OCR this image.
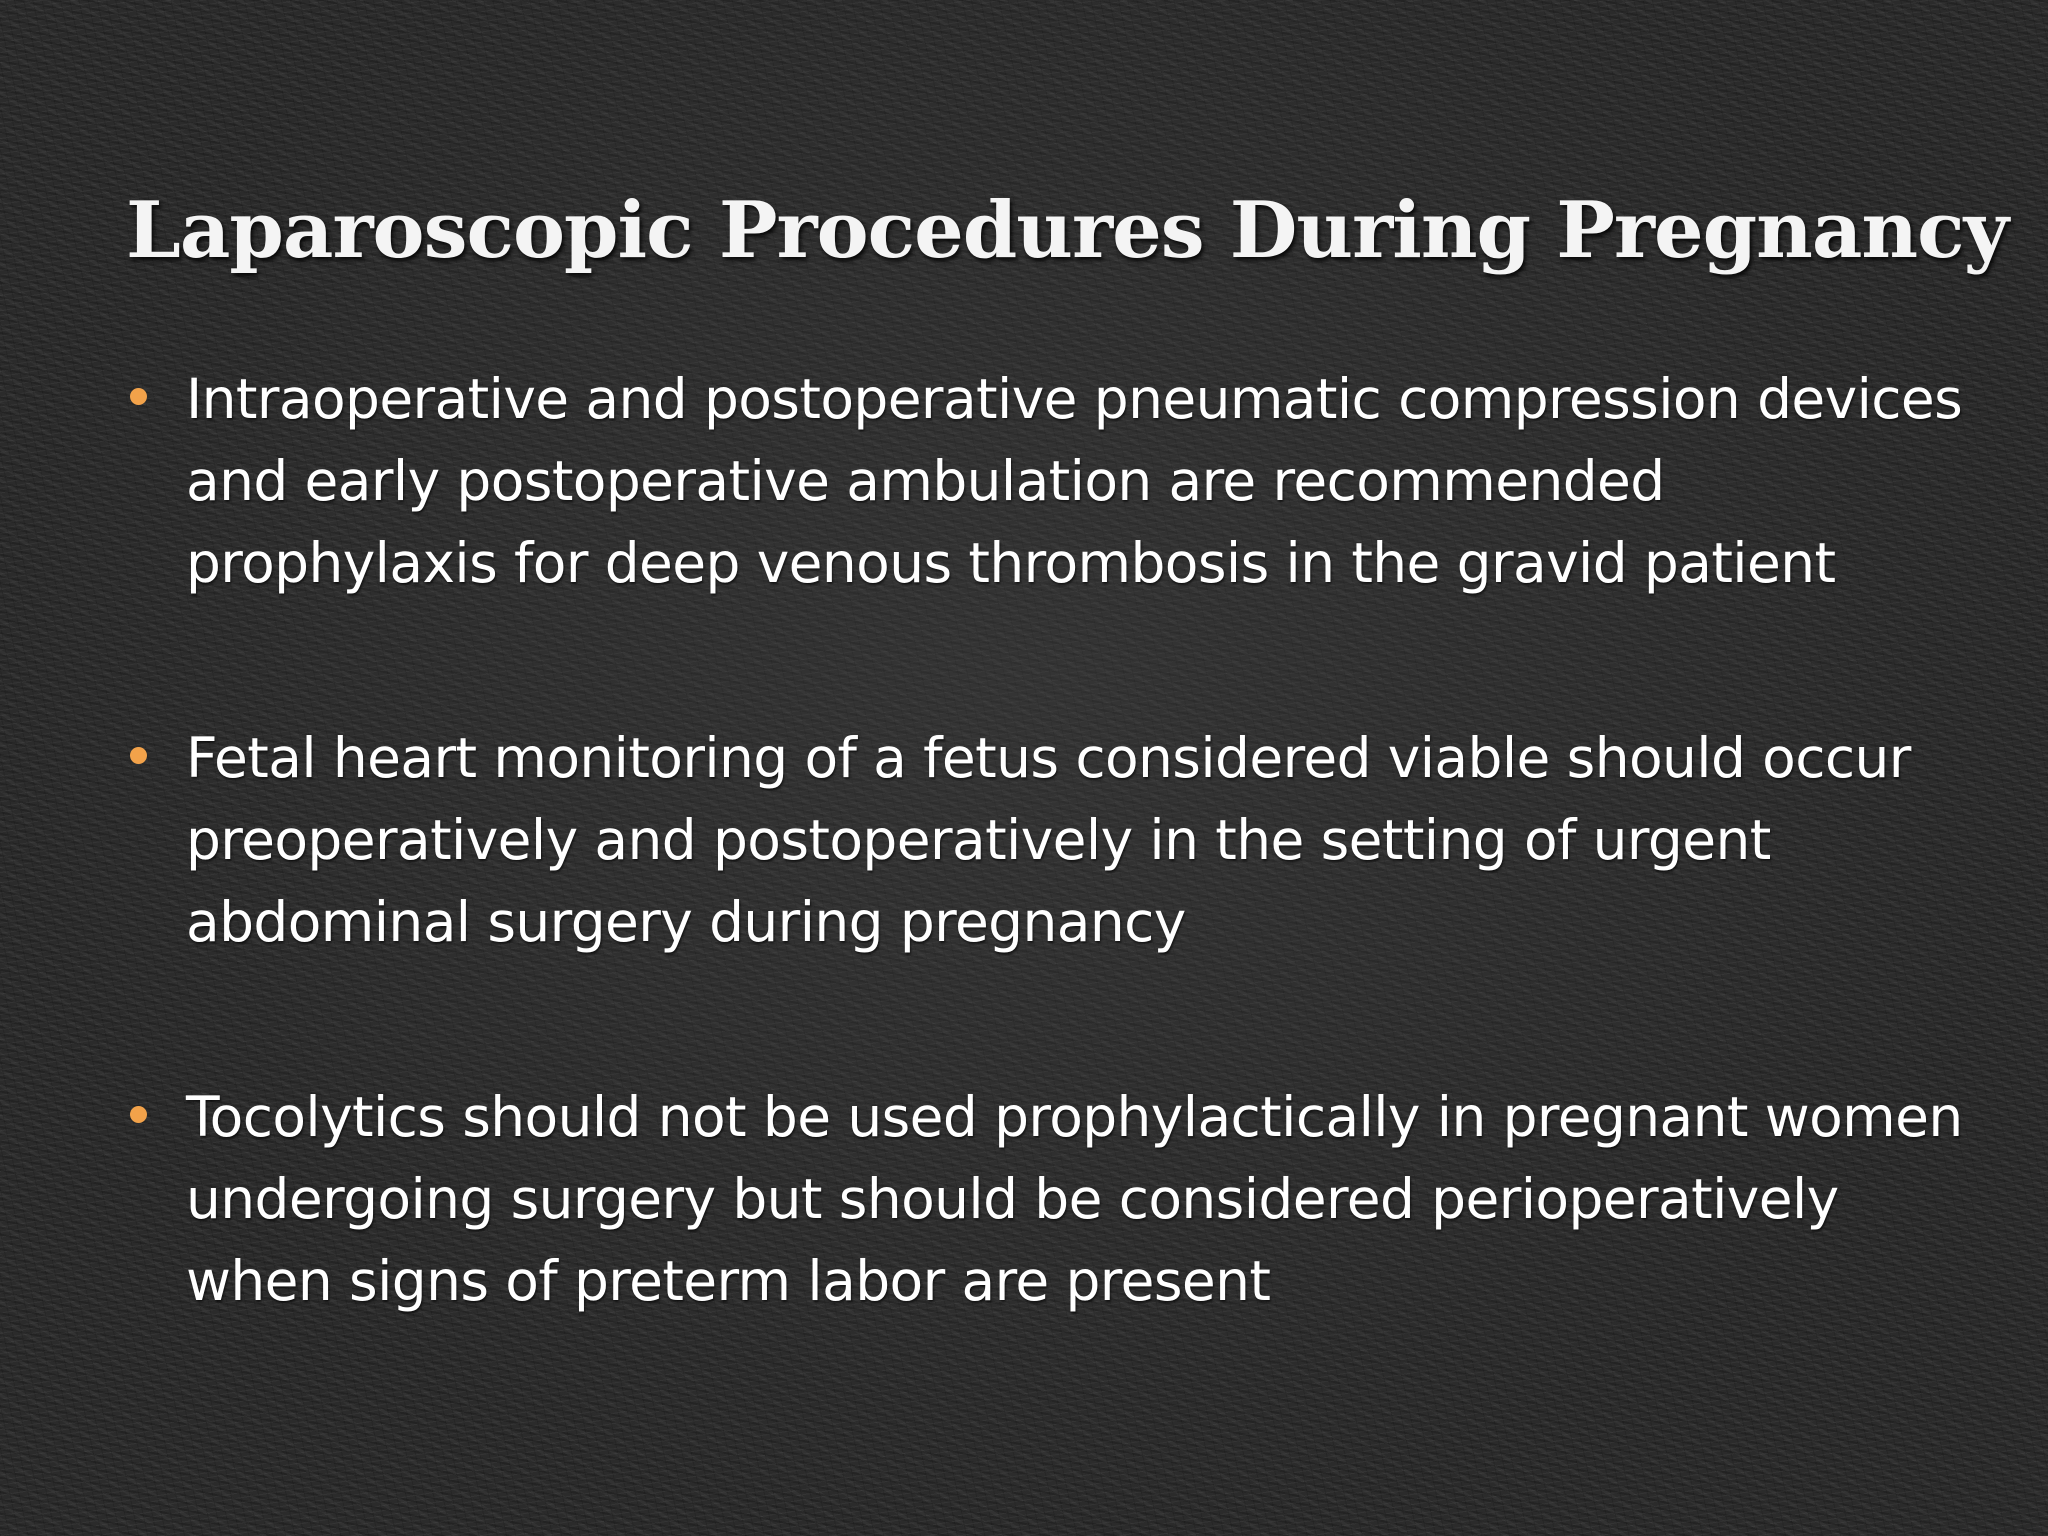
Laparoscopic Procedures During Pregnancy
Intraoperative and postoperative pneumatic compression devices and early postoperative ambulation are recommended prophylaxis for deep venous thrombosis in the gravid patient
Fetal heart monitoring of a fetus considered viable should occur preoperatively and postoperatively in the setting of urgent abdominal surgery during pregnancy
Tocolytics should not be used prophylactically in pregnant women undergoing surgery but should be considered perioperatively when signs of preterm labor are present
